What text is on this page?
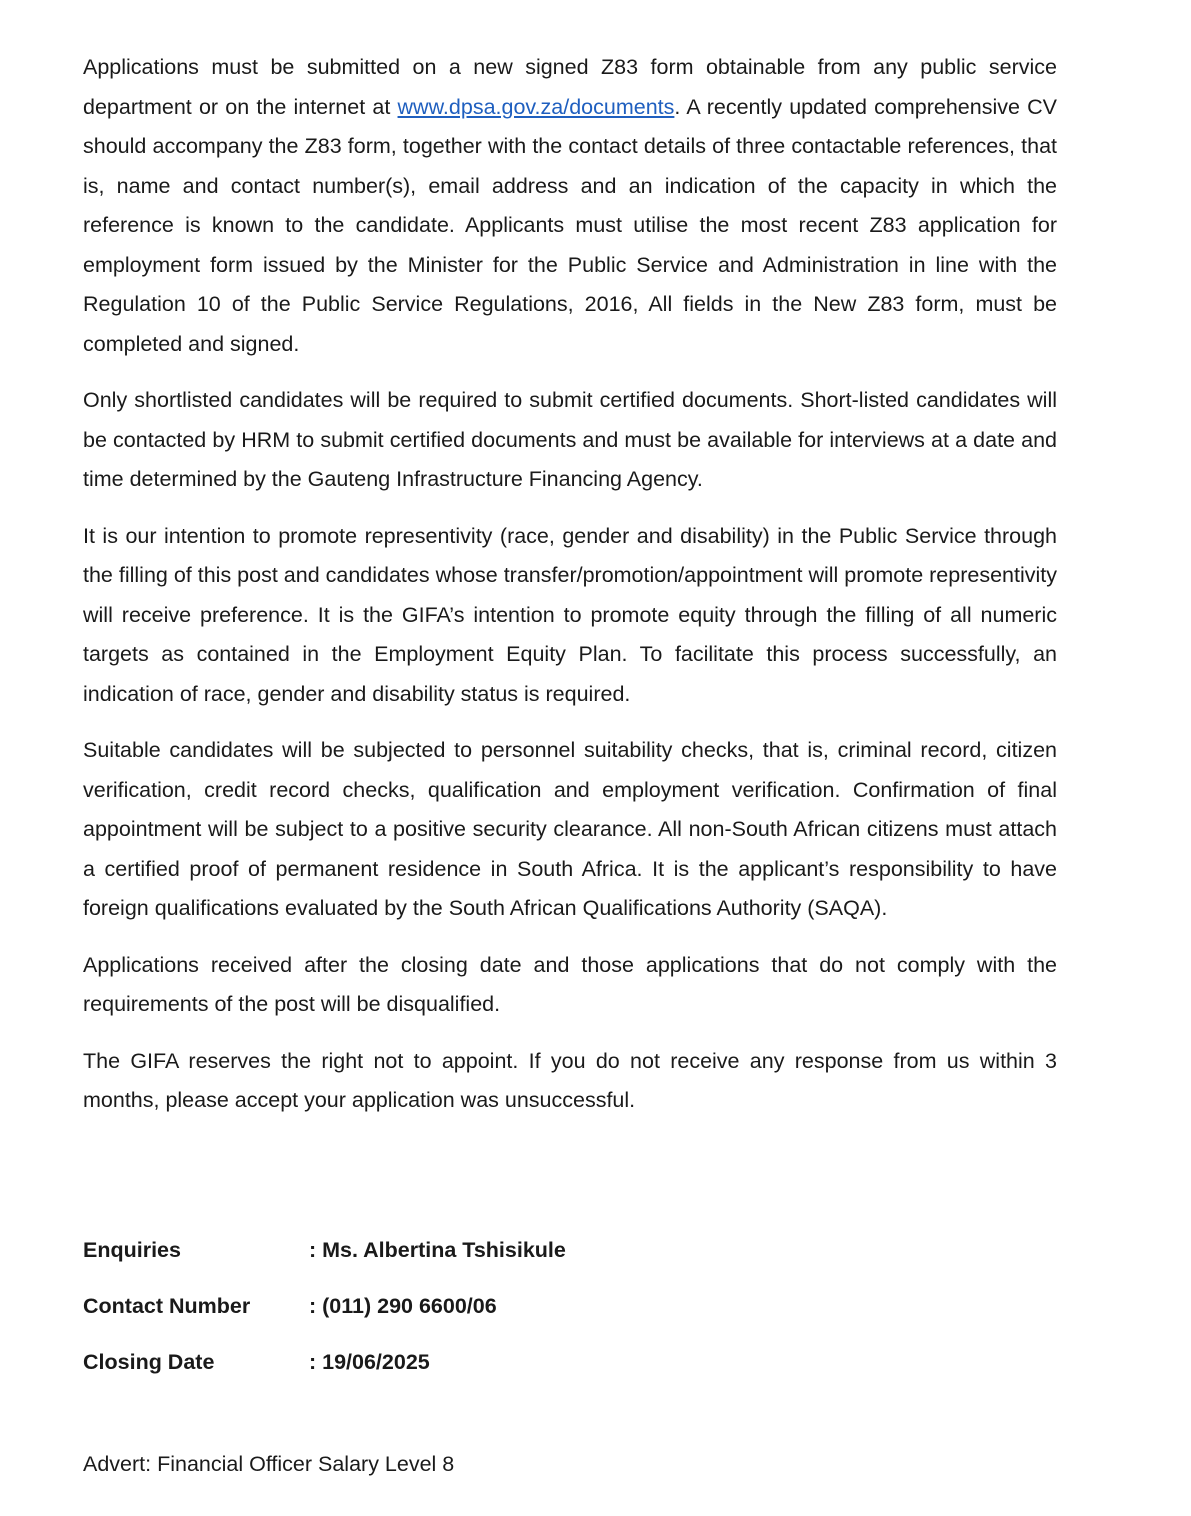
Applications must be submitted on a new signed Z83 form obtainable from any public service department or on the internet at www.dpsa.gov.za/documents. A recently updated comprehensive CV should accompany the Z83 form, together with the contact details of three contactable references, that is, name and contact number(s), email address and an indication of the capacity in which the reference is known to the candidate. Applicants must utilise the most recent Z83 application for employment form issued by the Minister for the Public Service and Administration in line with the Regulation 10 of the Public Service Regulations, 2016, All fields in the New Z83 form, must be completed and signed.

Only shortlisted candidates will be required to submit certified documents. Short-listed candidates will be contacted by HRM to submit certified documents and must be available for interviews at a date and time determined by the Gauteng Infrastructure Financing Agency.

It is our intention to promote representivity (race, gender and disability) in the Public Service through the filling of this post and candidates whose transfer/promotion/appointment will promote representivity will receive preference. It is the GIFA’s intention to promote equity through the filling of all numeric targets as contained in the Employment Equity Plan. To facilitate this process successfully, an indication of race, gender and disability status is required.

Suitable candidates will be subjected to personnel suitability checks, that is, criminal record, citizen verification, credit record checks, qualification and employment verification. Confirmation of final appointment will be subject to a positive security clearance. All non-South African citizens must attach a certified proof of permanent residence in South Africa. It is the applicant’s responsibility to have foreign qualifications evaluated by the South African Qualifications Authority (SAQA).

Applications received after the closing date and those applications that do not comply with the requirements of the post will be disqualified.

The GIFA reserves the right not to appoint. If you do not receive any response from us within 3 months, please accept your application was unsuccessful.

Enquiries	: Ms. Albertina Tshisikule
Contact Number	: (011) 290 6600/06
Closing Date	: 19/06/2025
Advert: Financial Officer Salary Level 8
